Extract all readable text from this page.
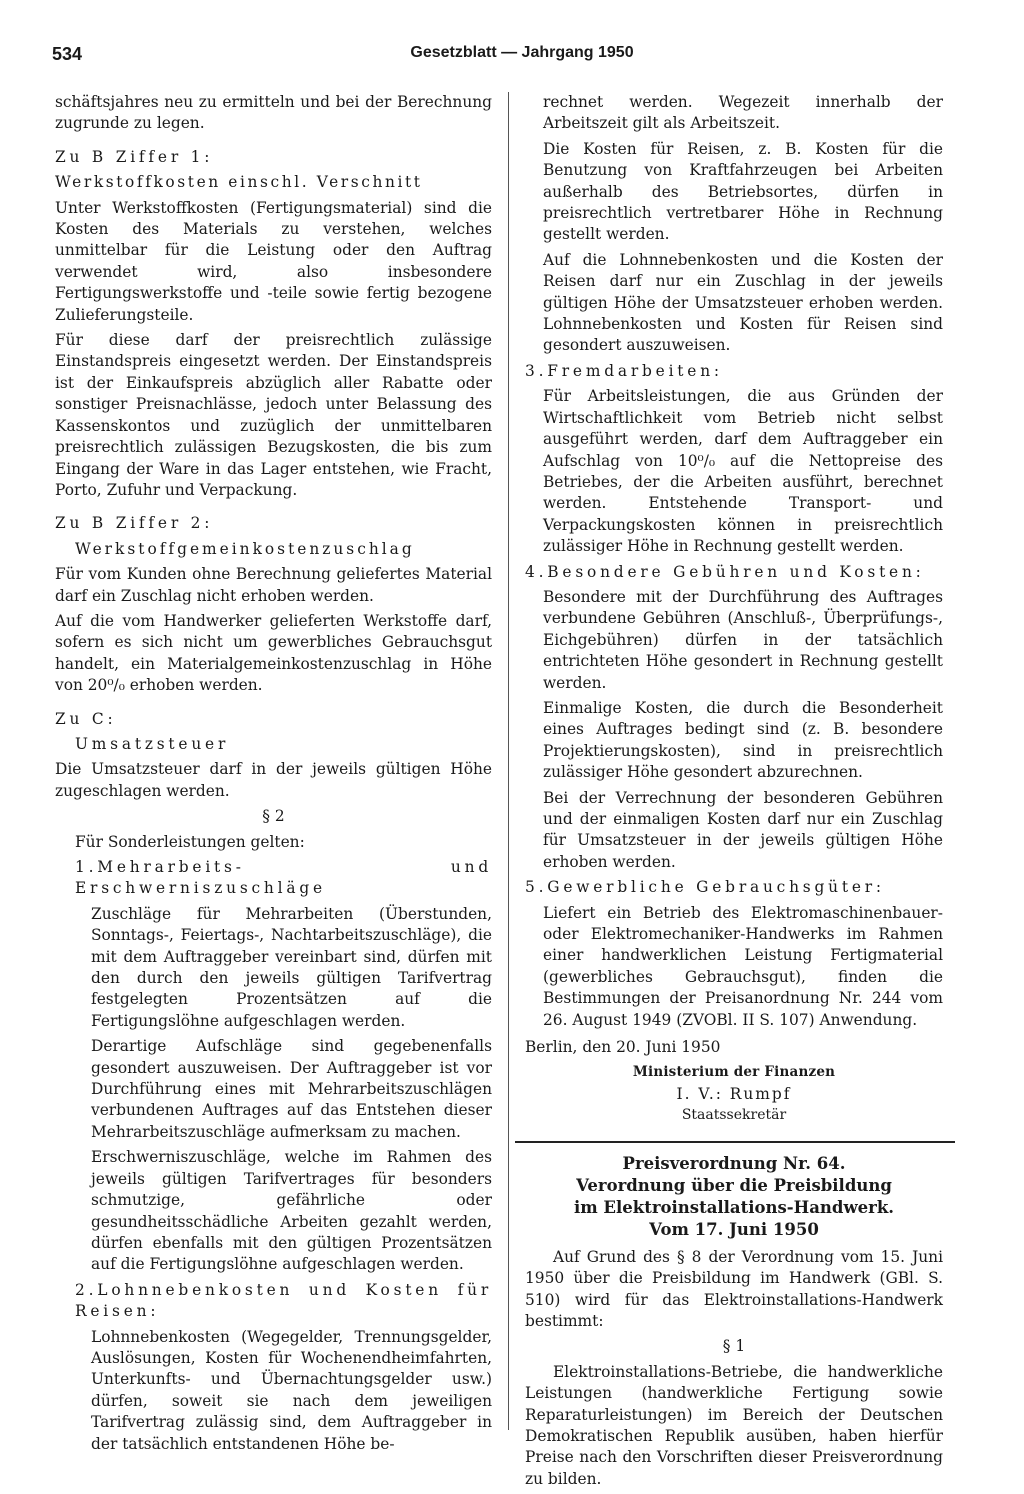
534	Gesetzblatt — Jahrgang 1950

schäftsjahres neu zu ermitteln und bei der Berechnung zugrunde zu legen.

Zu B Ziffer 1:

Werkstoffkosten einschl. Verschnitt

Unter Werkstoffkosten (Fertigungsmaterial) sind die Kosten des Materials zu verstehen, welches unmittelbar für die Leistung oder den Auftrag verwendet wird, also insbesondere Fertigungswerkstoffe und -teile sowie fertig bezogene Zulieferungsteile.

Für diese darf der preisrechtlich zulässige Einstandspreis eingesetzt werden. Der Einstandspreis ist der Einkaufspreis abzüglich aller Rabatte oder sonstiger Preisnachlässe, jedoch unter Belassung des Kassenskontos und zuzüglich der unmittelbaren preisrechtlich zulässigen Bezugskosten, die bis zum Eingang der Ware in das Lager entstehen, wie Fracht, Porto, Zufuhr und Verpackung.

Zu B Ziffer 2:

Werkstoffgemeinkostenzuschlag

Für vom Kunden ohne Berechnung geliefertes Material darf ein Zuschlag nicht erhoben werden.

Auf die vom Handwerker gelieferten Werkstoffe darf, sofern es sich nicht um gewerbliches Gebrauchsgut handelt, ein Materialgemeinkostenzuschlag in Höhe von 20⁰/₀ erhoben werden.

Zu C:

Umsatzsteuer

Die Umsatzsteuer darf in der jeweils gültigen Höhe zugeschlagen werden.

§ 2

Für Sonderleistungen gelten:

1.Mehrarbeits- und Erschwerniszuschläge

Zuschläge für Mehrarbeiten (Überstunden, Sonntags-, Feiertags-, Nachtarbeitszuschläge), die mit dem Auftraggeber vereinbart sind, dürfen mit den durch den jeweils gültigen Tarifvertrag festgelegten Prozentsätzen auf die Fertigungslöhne aufgeschlagen werden.

Derartige Aufschläge sind gegebenenfalls gesondert auszuweisen. Der Auftraggeber ist vor Durchführung eines mit Mehrarbeitszuschlägen verbundenen Auftrages auf das Entstehen dieser Mehrarbeitszuschläge aufmerksam zu machen.

Erschwerniszuschläge, welche im Rahmen des jeweils gültigen Tarifvertrages für besonders schmutzige, gefährliche oder gesundheitsschädliche Arbeiten gezahlt werden, dürfen ebenfalls mit den gültigen Prozentsätzen auf die Fertigungslöhne aufgeschlagen werden.

2.Lohnnebenkosten und Kosten für Reisen:

Lohnnebenkosten (Wegegelder, Trennungsgelder, Auslösungen, Kosten für Wochenendheimfahrten, Unterkunfts- und Übernachtungsgelder usw.) dürfen, soweit sie nach dem jeweiligen Tarifvertrag zulässig sind, dem Auftraggeber in der tatsächlich entstandenen Höhe be-

rechnet werden. Wegezeit innerhalb der Arbeitszeit gilt als Arbeitszeit.

Die Kosten für Reisen, z. B. Kosten für die Benutzung von Kraftfahrzeugen bei Arbeiten außerhalb des Betriebsortes, dürfen in preisrechtlich vertretbarer Höhe in Rechnung gestellt werden.

Auf die Lohnnebenkosten und die Kosten der Reisen darf nur ein Zuschlag in der jeweils gültigen Höhe der Umsatzsteuer erhoben werden. Lohnnebenkosten und Kosten für Reisen sind gesondert auszuweisen.

3.Fremdarbeiten:

Für Arbeitsleistungen, die aus Gründen der Wirtschaftlichkeit vom Betrieb nicht selbst ausgeführt werden, darf dem Auftraggeber ein Aufschlag von 10⁰/₀ auf die Nettopreise des Betriebes, der die Arbeiten ausführt, berechnet werden. Entstehende Transport- und Verpackungskosten können in preisrechtlich zulässiger Höhe in Rechnung gestellt werden.

4.Besondere Gebühren und Kosten:

Besondere mit der Durchführung des Auftrages verbundene Gebühren (Anschluß-, Überprüfungs-, Eichgebühren) dürfen in der tatsächlich entrichteten Höhe gesondert in Rechnung gestellt werden.

Einmalige Kosten, die durch die Besonderheit eines Auftrages bedingt sind (z. B. besondere Projektierungskosten), sind in preisrechtlich zulässiger Höhe gesondert abzurechnen.

Bei der Verrechnung der besonderen Gebühren und der einmaligen Kosten darf nur ein Zuschlag für Umsatzsteuer in der jeweils gültigen Höhe erhoben werden.

5.Gewerbliche Gebrauchsgüter:

Liefert ein Betrieb des Elektromaschinenbauer- oder Elektromechaniker-Handwerks im Rahmen einer handwerklichen Leistung Fertigmaterial (gewerbliches Gebrauchsgut), finden die Bestimmungen der Preisanordnung Nr. 244 vom 26. August 1949 (ZVOBl. II S. 107) Anwendung.

Berlin, den 20. Juni 1950

Ministerium der Finanzen

I. V.: Rumpf

Staatssekretär

Preisverordnung Nr. 64.

Verordnung über die Preisbildung

im Elektroinstallations-Handwerk.

Vom 17. Juni 1950

Auf Grund des § 8 der Verordnung vom 15. Juni 1950 über die Preisbildung im Handwerk (GBl. S. 510) wird für das Elektroinstallations-Handwerk bestimmt:

§ 1

Elektroinstallations-Betriebe, die handwerkliche Leistungen (handwerkliche Fertigung sowie Reparaturleistungen) im Bereich der Deutschen Demokratischen Republik ausüben, haben hierfür Preise nach den Vorschriften dieser Preisverordnung zu bilden.
